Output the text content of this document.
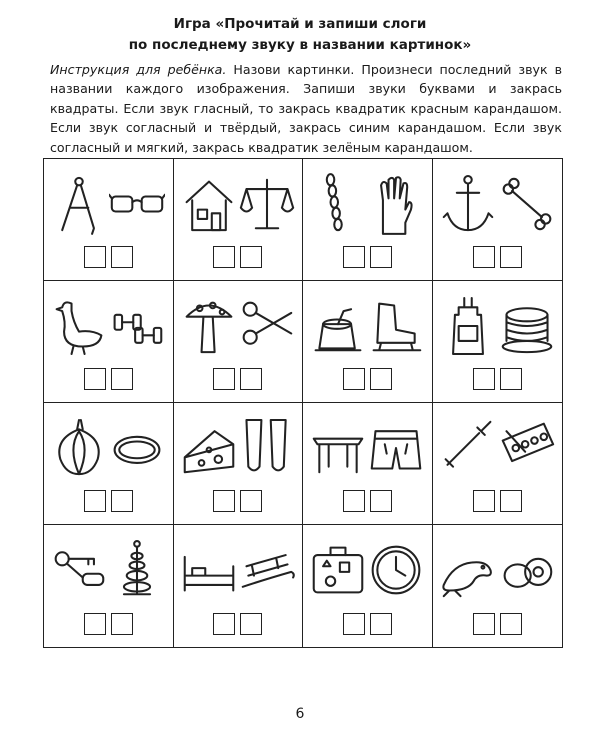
Игра «Прочитай и запиши слоги
по последнему звуку в названии картинок»
Инструкция для ребёнка. Назови картинки. Произнеси последний звук в названии каждого изображения. Запиши звуки буквами и закрась квадраты. Если звук гласный, то закрась квадратик красным карандашом. Если звук согласный и твёрдый, закрась синим карандашом. Если звук согласный и мягкий, закрась квадратик зелёным карандашом.
6
